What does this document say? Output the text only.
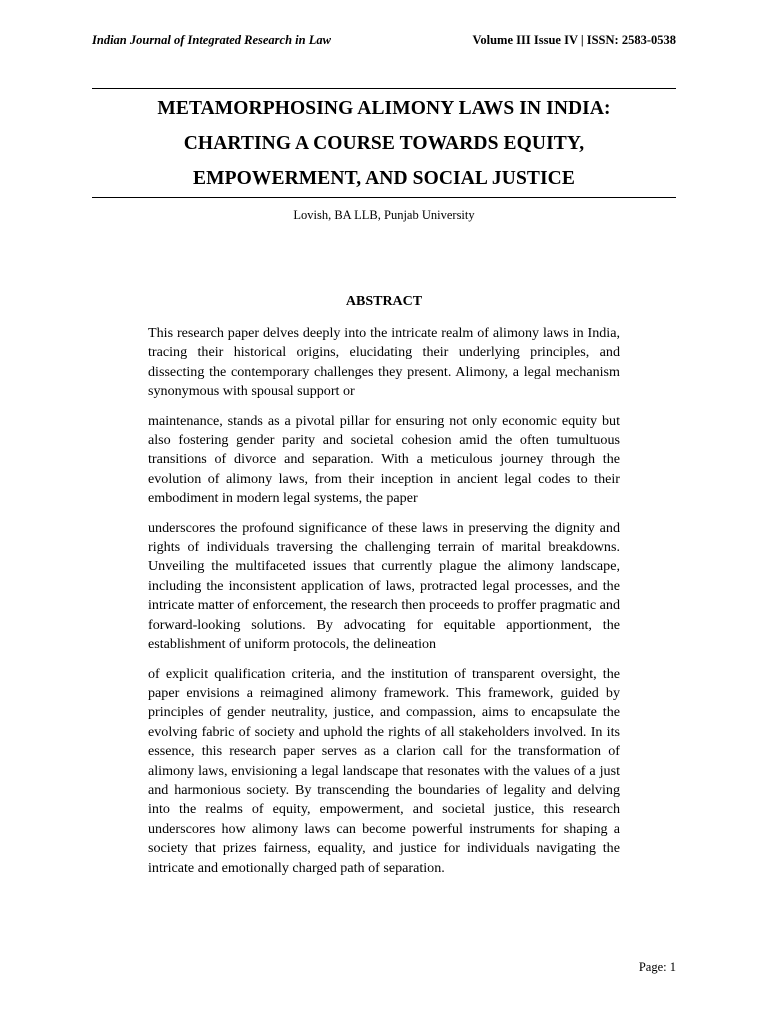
Indian Journal of Integrated Research in Law	Volume III Issue IV | ISSN: 2583-0538
METAMORPHOSING ALIMONY LAWS IN INDIA:
CHARTING A COURSE TOWARDS EQUITY,
EMPOWERMENT, AND SOCIAL JUSTICE
Lovish, BA LLB, Punjab University
ABSTRACT

This research paper delves deeply into the intricate realm of alimony laws in India, tracing their historical origins, elucidating their underlying principles, and dissecting the contemporary challenges they present. Alimony, a legal mechanism synonymous with spousal support or

maintenance, stands as a pivotal pillar for ensuring not only economic equity but also fostering gender parity and societal cohesion amid the often tumultuous transitions of divorce and separation. With a meticulous journey through the evolution of alimony laws, from their inception in ancient legal codes to their embodiment in modern legal systems, the paper

underscores the profound significance of these laws in preserving the dignity and rights of individuals traversing the challenging terrain of marital breakdowns. Unveiling the multifaceted issues that currently plague the alimony landscape, including the inconsistent application of laws, protracted legal processes, and the intricate matter of enforcement, the research then proceeds to proffer pragmatic and forward-looking solutions. By advocating for equitable apportionment, the establishment of uniform protocols, the delineation

of explicit qualification criteria, and the institution of transparent oversight, the paper envisions a reimagined alimony framework. This framework, guided by principles of gender neutrality, justice, and compassion, aims to encapsulate the evolving fabric of society and uphold the rights of all stakeholders involved. In its essence, this research paper serves as a clarion call for the transformation of alimony laws, envisioning a legal landscape that resonates with the values of a just and harmonious society. By transcending the boundaries of legality and delving into the realms of equity, empowerment, and societal justice, this research underscores how alimony laws can become powerful instruments for shaping a society that prizes fairness, equality, and justice for individuals navigating the intricate and emotionally charged path of separation.

Page: 1
